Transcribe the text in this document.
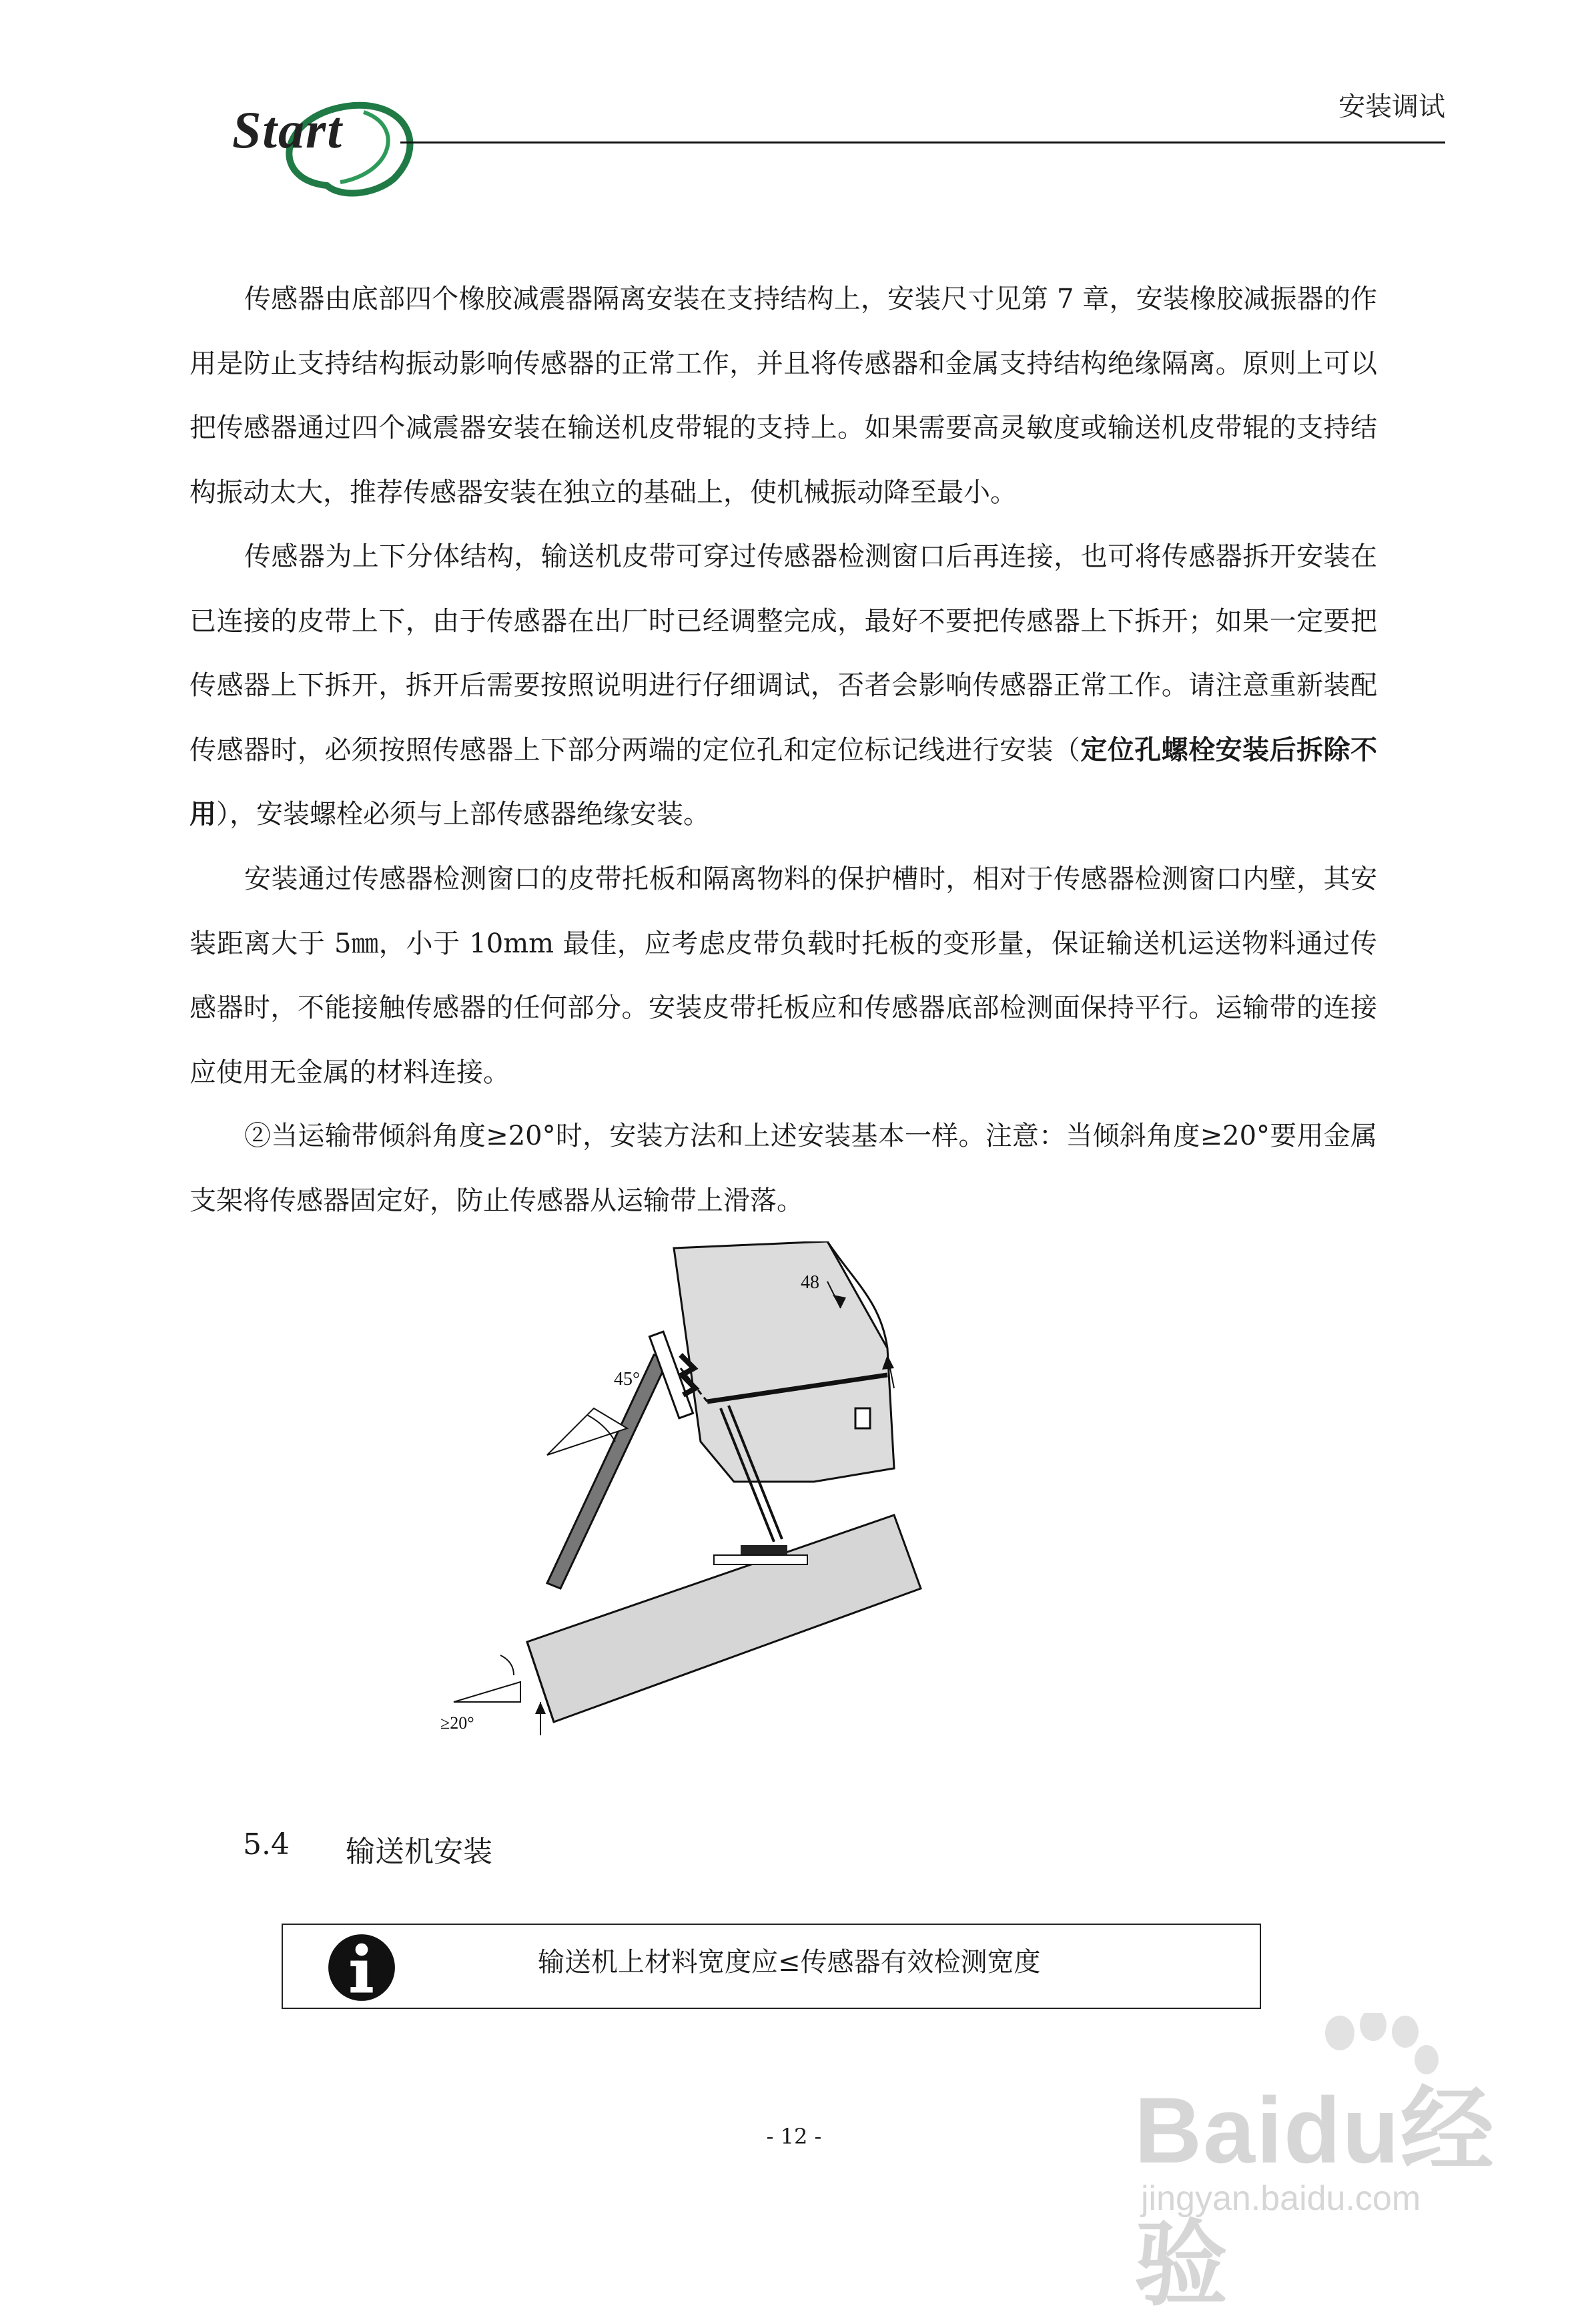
Start	安装调试

传感器由底部四个橡胶减震器隔离安装在支持结构上，安装尺寸见第 7 章，安装橡胶减振器的作用是防止支持结构振动影响传感器的正常工作，并且将传感器和金属支持结构绝缘隔离。原则上可以把传感器通过四个减震器安装在输送机皮带辊的支持上。如果需要高灵敏度或输送机皮带辊的支持结构振动太大，推荐传感器安装在独立的基础上，使机械振动降至最小。

传感器为上下分体结构，输送机皮带可穿过传感器检测窗口后再连接，也可将传感器拆开安装在已连接的皮带上下，由于传感器在出厂时已经调整完成，最好不要把传感器上下拆开；如果一定要把传感器上下拆开，拆开后需要按照说明进行仔细调试，否者会影响传感器正常工作。请注意重新装配传感器时，必须按照传感器上下部分两端的定位孔和定位标记线进行安装（定位孔螺栓安装后拆除不用），安装螺栓必须与上部传感器绝缘安装。

安装通过传感器检测窗口的皮带托板和隔离物料的保护槽时，相对于传感器检测窗口内壁，其安装距离大于 5㎜，小于 10mm 最佳，应考虑皮带负载时托板的变形量，保证输送机运送物料通过传感器时，不能接触传感器的任何部分。安装皮带托板应和传感器底部检测面保持平行。运输带的连接应使用无金属的材料连接。

②当运输带倾斜角度≥20°时，安装方法和上述安装基本一样。注意：当倾斜角度≥20°要用金属支架将传感器固定好，防止传感器从运输带上滑落。

48
45°
≥20°
5.4 输送机安装
输送机上材料宽度应≤传感器有效检测宽度
- 12 -	Baidu经验
jingyan.baidu.com
